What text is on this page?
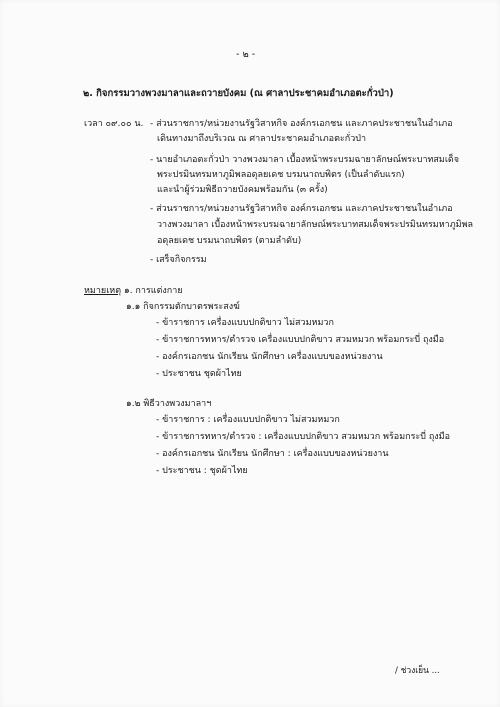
- ๒ -
๒. กิจกรรมวางพวงมาลาและถวายบังคม (ณ ศาลาประชาคมอำเภอตะกั่วป่า)
เวลา ๐๙.๐๐ น. - ส่วนราชการ/หน่วยงานรัฐวิสาหกิจ องค์กรเอกชน และภาคประชาชนในอำเภอ
เดินทางมาถึงบริเวณ ณ ศาลาประชาคมอำเภอตะกั่วป่า
- นายอำเภอตะกั่วป่า วางพวงมาลา เบื้องหน้าพระบรมฉายาลักษณ์พระบาทสมเด็จ
พระปรมินทรมหาภูมิพลอดุลยเดช บรมนาถบพิตร (เป็นลำดับแรก)
และนำผู้ร่วมพิธีถวายบังคมพร้อมกัน (๓ ครั้ง)
- ส่วนราชการ/หน่วยงานรัฐวิสาหกิจ องค์กรเอกชน และภาคประชาชนในอำเภอ
วางพวงมาลา เบื้องหน้าพระบรมฉายาลักษณ์พระบาทสมเด็จพระปรมินทรมหาภูมิพล
อดุลยเดช บรมนาถบพิตร (ตามลำดับ)
- เสร็จกิจกรรม
หมายเหตุ ๑. การแต่งกาย
๑.๑ กิจกรรมตักบาตรพระสงฆ์
- ข้าราชการ เครื่องแบบปกติขาว ไม่สวมหมวก
- ข้าราชการทหาร/ตำรวจ เครื่องแบบปกติขาว สวมหมวก พร้อมกระบี่ ถุงมือ
- องค์กรเอกชน นักเรียน นักศึกษา เครื่องแบบของหน่วยงาน
- ประชาชน ชุดผ้าไทย
๑.๒ พิธีวางพวงมาลาฯ
- ข้าราชการ : เครื่องแบบปกติขาว ไม่สวมหมวก
- ข้าราชการทหาร/ตำรวจ : เครื่องแบบปกติขาว สวมหมวก พร้อมกระบี่ ถุงมือ
- องค์กรเอกชน นักเรียน นักศึกษา : เครื่องแบบของหน่วยงาน
- ประชาชน : ชุดผ้าไทย
/ ช่วงเย็น ...
